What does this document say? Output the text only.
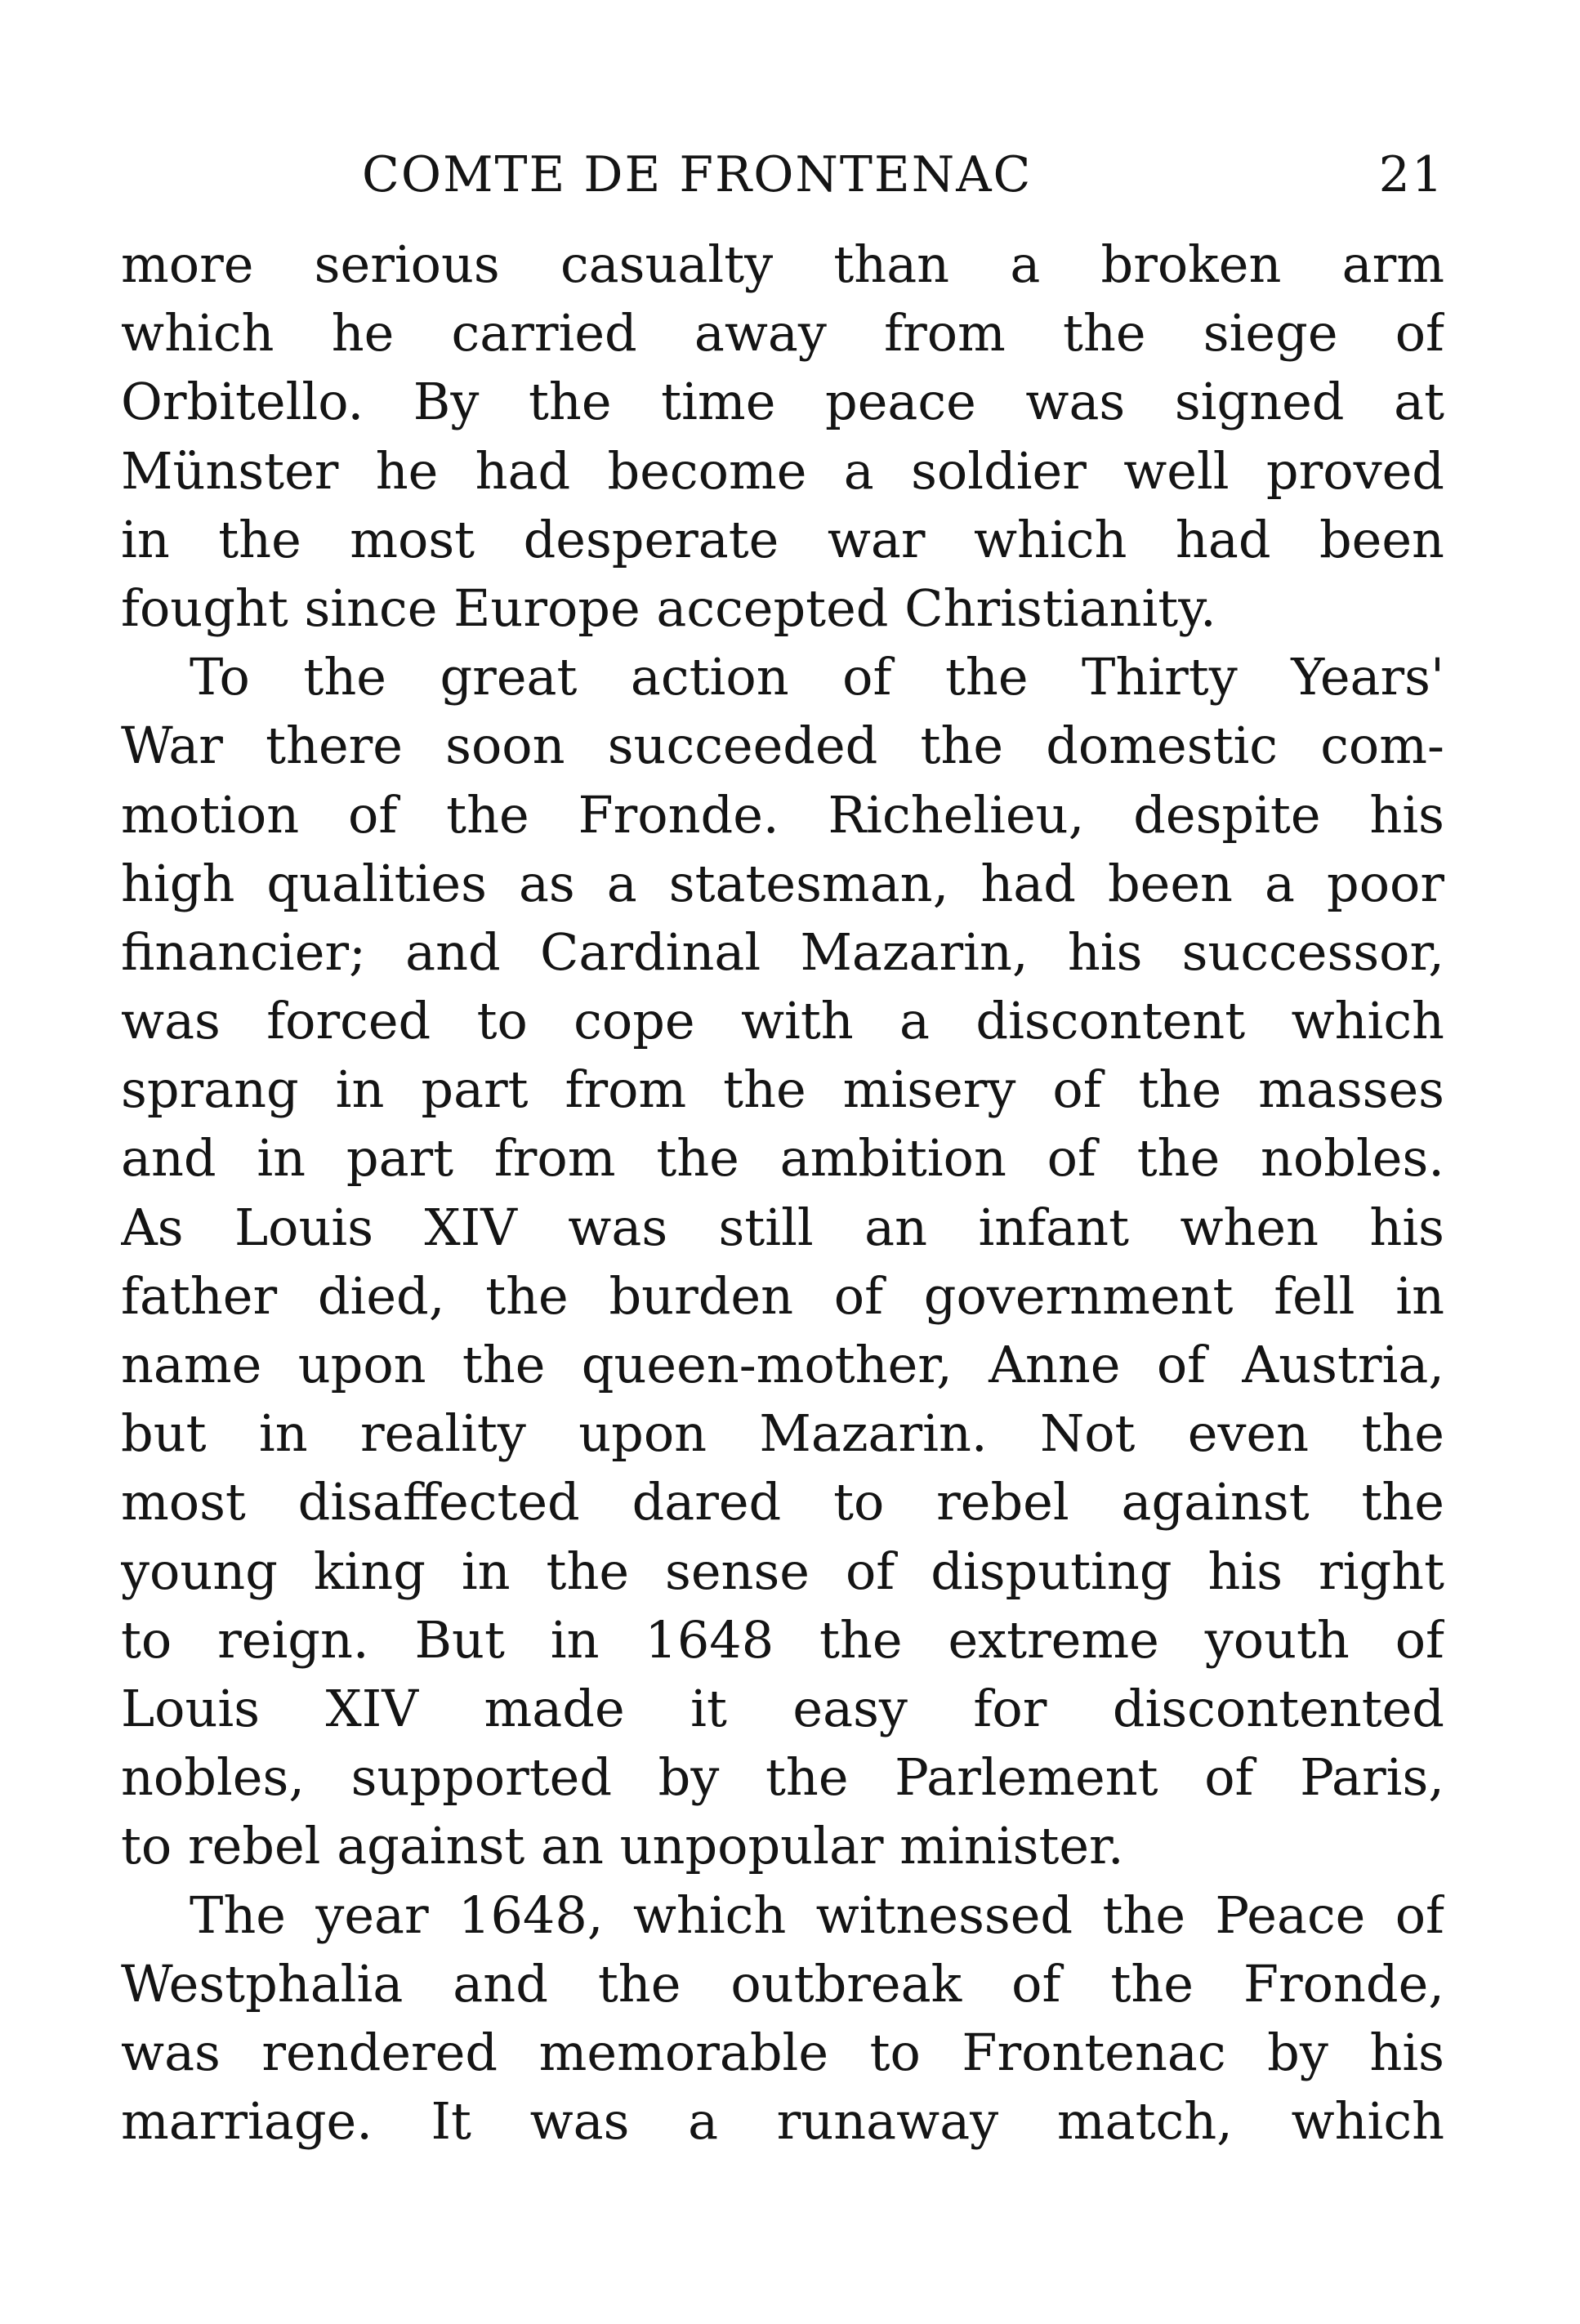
COMTE DE FRONTENAC	21
more serious casualty than a broken arm
which he carried away from the siege of
Orbitello. By the time peace was signed at
Münster he had become a soldier well proved
in the most desperate war which had been
fought since Europe accepted Christianity.
To the great action of the Thirty Years'
War there soon succeeded the domestic com-
motion of the Fronde. Richelieu, despite his
high qualities as a statesman, had been a poor
financier; and Cardinal Mazarin, his successor,
was forced to cope with a discontent which
sprang in part from the misery of the masses
and in part from the ambition of the nobles.
As Louis XIV was still an infant when his
father died, the burden of government fell in
name upon the queen-mother, Anne of Austria,
but in reality upon Mazarin. Not even the
most disaffected dared to rebel against the
young king in the sense of disputing his right
to reign. But in 1648 the extreme youth of
Louis XIV made it easy for discontented
nobles, supported by the Parlement of Paris,
to rebel against an unpopular minister.
The year 1648, which witnessed the Peace of
Westphalia and the outbreak of the Fronde,
was rendered memorable to Frontenac by his
marriage. It was a runaway match, which
